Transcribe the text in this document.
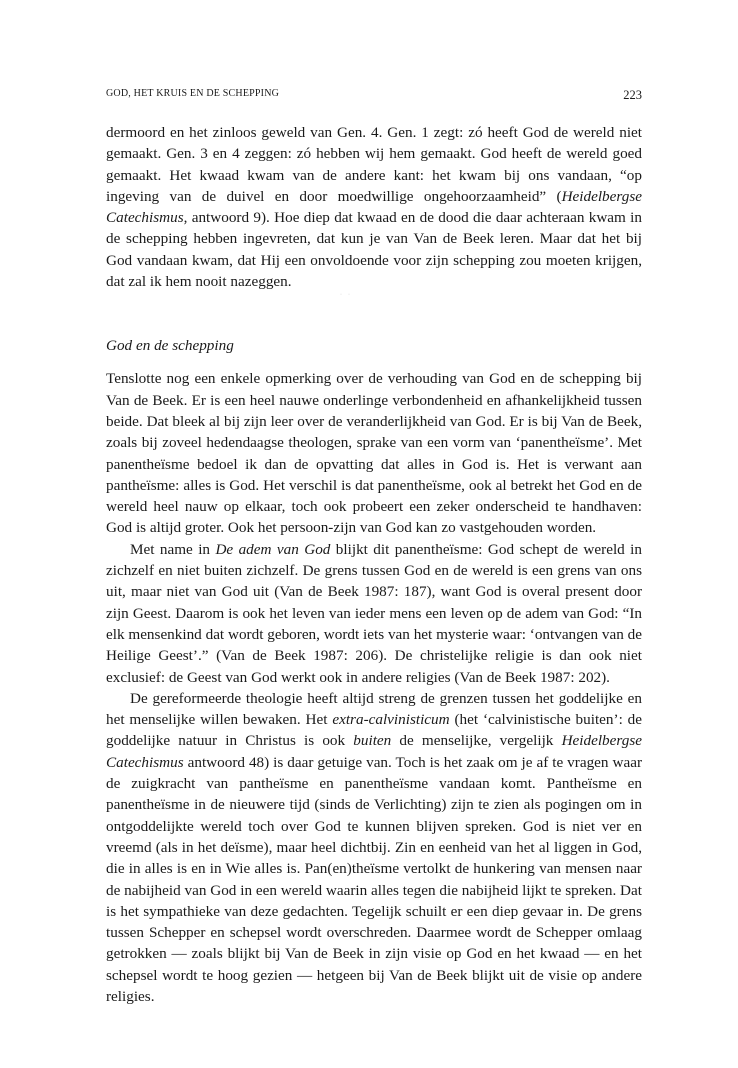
GOD, HET KRUIS EN DE SCHEPPING	223
·    ·

dermoord en het zinloos geweld van Gen. 4. Gen. 1 zegt: zó heeft God de wereld niet gemaakt. Gen. 3 en 4 zeggen: zó hebben wij hem gemaakt. God heeft de wereld goed gemaakt. Het kwaad kwam van de andere kant: het kwam bij ons vandaan, “op ingeving van de duivel en door moedwillige ongehoorzaamheid” (Heidelbergse Catechismus, antwoord 9). Hoe diep dat kwaad en de dood die daar achteraan kwam in de schepping hebben ingevreten, dat kun je van Van de Beek leren. Maar dat het bij God vandaan kwam, dat Hij een onvoldoende voor zijn schepping zou moeten krijgen, dat zal ik hem nooit nazeggen.

God en de schepping

Tenslotte nog een enkele opmerking over de verhouding van God en de schepping bij Van de Beek. Er is een heel nauwe onderlinge verbondenheid en afhankelijkheid tussen beide. Dat bleek al bij zijn leer over de veranderlijkheid van God. Er is bij Van de Beek, zoals bij zoveel hedendaagse theologen, sprake van een vorm van ‘panentheïsme’. Met panentheïsme bedoel ik dan de opvatting dat alles in God is. Het is verwant aan pantheïsme: alles is God. Het verschil is dat panentheïsme, ook al betrekt het God en de wereld heel nauw op elkaar, toch ook probeert een zeker onderscheid te handhaven: God is altijd groter. Ook het persoon-zijn van God kan zo vastgehouden worden.

Met name in De adem van God blijkt dit panentheïsme: God schept de wereld in zichzelf en niet buiten zichzelf. De grens tussen God en de wereld is een grens van ons uit, maar niet van God uit (Van de Beek 1987: 187), want God is overal present door zijn Geest. Daarom is ook het leven van ieder mens een leven op de adem van God: “In elk mensenkind dat wordt geboren, wordt iets van het mysterie waar: ‘ontvangen van de Heilige Geest’.” (Van de Beek 1987: 206). De christelijke religie is dan ook niet exclusief: de Geest van God werkt ook in andere religies (Van de Beek 1987: 202).

De gereformeerde theologie heeft altijd streng de grenzen tussen het goddelijke en het menselijke willen bewaken. Het extra-calvinisticum (het ‘calvinistische buiten’: de goddelijke natuur in Christus is ook buiten de menselijke, vergelijk Heidelbergse Catechismus antwoord 48) is daar getuige van. Toch is het zaak om je af te vragen waar de zuigkracht van pantheïsme en panentheïsme vandaan komt. Pantheïsme en panentheïsme in de nieuwere tijd (sinds de Verlichting) zijn te zien als pogingen om in ontgoddelijkte wereld toch over God te kunnen blijven spreken. God is niet ver en vreemd (als in het deïsme), maar heel dichtbij. Zin en eenheid van het al liggen in God, die in alles is en in Wie alles is. Pan(en)theïsme vertolkt de hunkering van mensen naar de nabijheid van God in een wereld waarin alles tegen die nabijheid lijkt te spreken. Dat is het sympathieke van deze gedachten. Tegelijk schuilt er een diep gevaar in. De grens tussen Schepper en schepsel wordt overschreden. Daarmee wordt de Schepper omlaag getrokken — zoals blijkt bij Van de Beek in zijn visie op God en het kwaad — en het schepsel wordt te hoog gezien — hetgeen bij Van de Beek blijkt uit de visie op andere religies.
